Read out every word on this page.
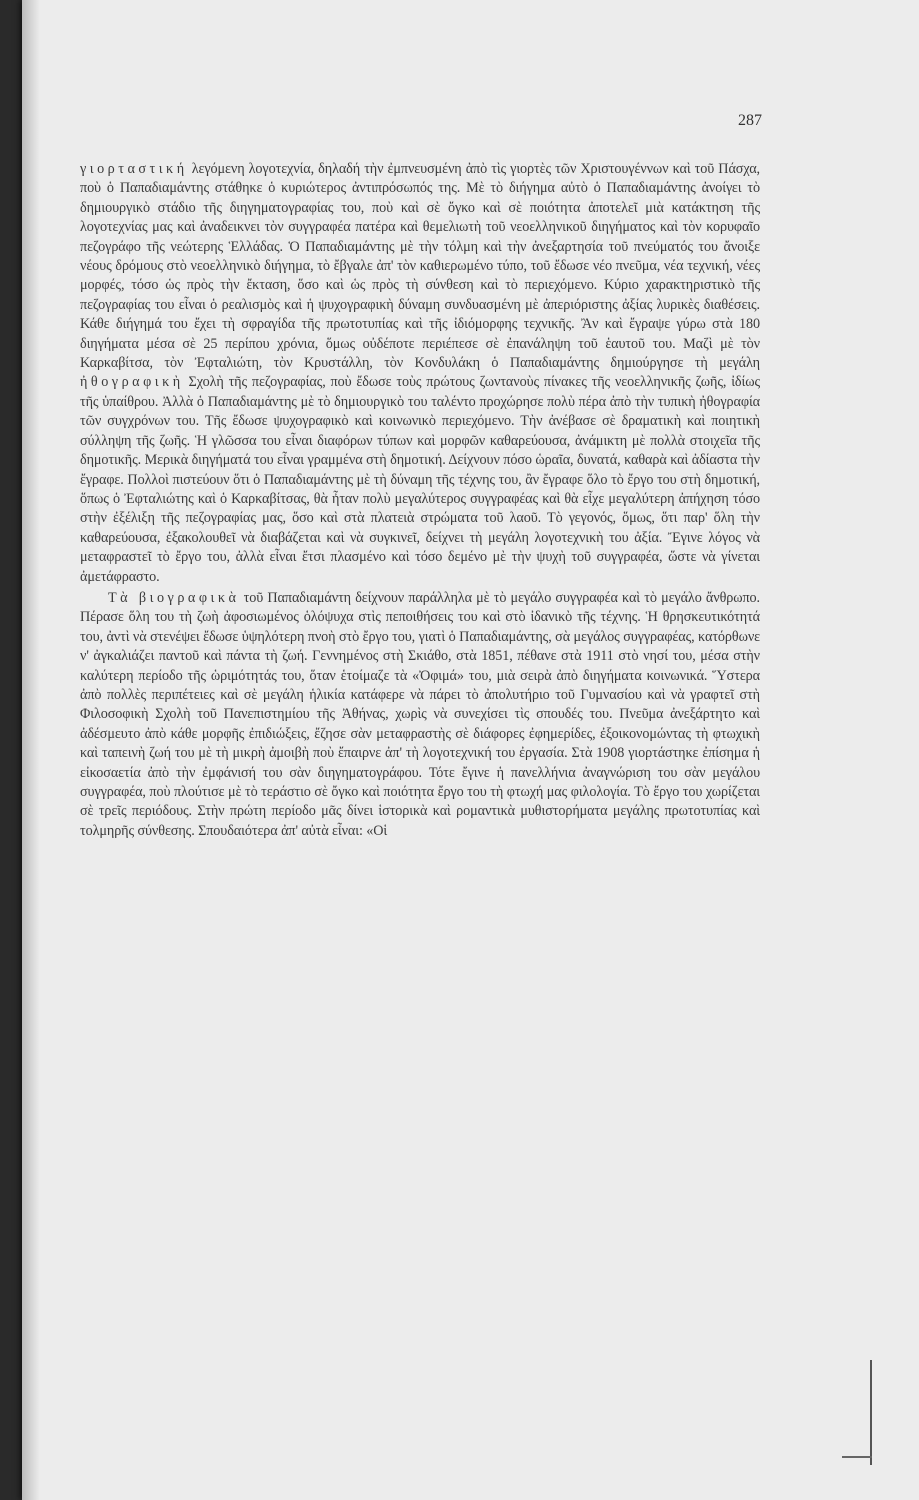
287

γιορταστική λεγόμενη λογοτεχνία, δηλαδή τὴν ἐμπνευσμένη ἀπὸ τὶς γιορτὲς τῶν Χριστουγέννων καὶ τοῦ Πάσχα, ποὺ ὁ Παπαδιαμάντης στάθηκε ὁ κυριώτερος ἀντιπρόσωπός της. Μὲ τὸ διήγημα αὐτὸ ὁ Παπαδιαμάντης ἀνοίγει τὸ δημιουργικὸ στάδιο τῆς διηγηματογραφίας του, ποὺ καὶ σὲ ὄγκο καὶ σὲ ποιότητα ἀποτελεῖ μιὰ κατάκτηση τῆς λογοτεχνίας μας καὶ ἀναδεικνει τὸν συγγραφέα πατέρα καὶ θεμελιωτὴ τοῦ νεοελληνικοῦ διηγήματος καὶ τὸν κορυφαῖο πεζογράφο τῆς νεώτερης Ἑλλάδας. Ὁ Παπαδιαμάντης μὲ τὴν τόλμη καὶ τὴν ἀνεξαρτησία τοῦ πνεύματός του ἄνοιξε νέους δρόμους στὸ νεοελληνικὸ διήγημα, τὸ ἔβγαλε ἀπ' τὸν καθιερωμένο τύπο, τοῦ ἔδωσε νέο πνεῦμα, νέα τεχνική, νέες μορφές, τόσο ὡς πρὸς τὴν ἔκταση, ὅσο καὶ ὡς πρὸς τὴ σύνθεση καὶ τὸ περιεχόμενο. Κύριο χαρακτηριστικὸ τῆς πεζογραφίας του εἶναι ὁ ρεαλισμὸς καὶ ἡ ψυχογραφικὴ δύναμη συνδυασμένη μὲ ἀπεριόριστης ἀξίας λυρικὲς διαθέσεις. Κάθε διήγημά του ἔχει τὴ σφραγίδα τῆς πρωτοτυπίας καὶ τῆς ἰδιόμορφης τεχνικῆς. Ἂν καὶ ἔγραψε γύρω στὰ 180 διηγήματα μέσα σὲ 25 περίπου χρόνια, ὅμως οὐδέποτε περιέπεσε σὲ ἐπανάληψη τοῦ ἑαυτοῦ του. Μαζὶ μὲ τὸν Καρκαβίτσα, τὸν Ἐφταλιώτη, τὸν Κρυστάλλη, τὸν Κονδυλάκη ὁ Παπαδιαμάντης δημιούργησε τὴ μεγάλη ἠθογραφικὴ Σχολὴ τῆς πεζογραφίας, ποὺ ἔδωσε τοὺς πρώτους ζωντανοὺς πίνακες τῆς νεοελληνικῆς ζωῆς, ἰδίως τῆς ὑπαίθρου. Ἀλλὰ ὁ Παπαδιαμάντης μὲ τὸ δημιουργικὸ του ταλέντο προχώρησε πολὺ πέρα ἀπὸ τὴν τυπικὴ ἠθογραφία τῶν συγχρόνων του. Τῆς ἔδωσε ψυχογραφικὸ καὶ κοινωνικὸ περιεχόμενο. Τὴν ἀνέβασε σὲ δραματικὴ καὶ ποιητικὴ σύλληψη τῆς ζωῆς. Ἡ γλῶσσα του εἶναι διαφόρων τύπων καὶ μορφῶν καθαρεύουσα, ἀνάμικτη μὲ πολλὰ στοιχεῖα τῆς δημοτικῆς. Μερικὰ διηγήματά του εἶναι γραμμένα στὴ δημοτική. Δείχνουν πόσο ὡραῖα, δυνατά, καθαρὰ καὶ ἀδίαστα τὴν ἔγραφε. Πολλοὶ πιστεύουν ὅτι ὁ Παπαδιαμάντης μὲ τὴ δύναμη τῆς τέχνης του, ἂν ἔγραφε ὅλο τὸ ἔργο του στὴ δημοτική, ὅπως ὁ Ἐφταλιώτης καὶ ὁ Καρκαβίτσας, θὰ ἦταν πολὺ μεγαλύτερος συγγραφέας καὶ θὰ εἶχε μεγαλύτερη ἀπήχηση τόσο στὴν ἐξέλιξη τῆς πεζογραφίας μας, ὅσο καὶ στὰ πλατειὰ στρώματα τοῦ λαοῦ. Τὸ γεγονός, ὅμως, ὅτι παρ' ὅλη τὴν καθαρεύουσα, ἐξακολουθεῖ νὰ διαβάζεται καὶ νὰ συγκινεῖ, δείχνει τὴ μεγάλη λογοτεχνικὴ του ἀξία. Ἔγινε λόγος νὰ μεταφραστεῖ τὸ ἔργο του, ἀλλὰ εἶναι ἔτσι πλασμένο καὶ τόσο δεμένο μὲ τὴν ψυχὴ τοῦ συγγραφέα, ὥστε νὰ γίνεται ἀμετάφραστο.

Τὰ βιογραφικὰ τοῦ Παπαδιαμάντη δείχνουν παράλληλα μὲ τὸ μεγάλο συγγραφέα καὶ τὸ μεγάλο ἄνθρωπο. Πέρασε ὅλη του τὴ ζωὴ ἀφοσιωμένος ὁλόψυχα στὶς πεποιθήσεις του καὶ στὸ ἰδανικὸ τῆς τέχνης. Ἡ θρησκευτικότητά του, ἀντὶ νὰ στενέψει ἔδωσε ὑψηλότερη πνοὴ στὸ ἔργο του, γιατὶ ὁ Παπαδιαμάντης, σὰ μεγάλος συγγραφέας, κατόρθωνε ν' ἀγκαλιάζει παντοῦ καὶ πάντα τὴ ζωή. Γεννημένος στὴ Σκιάθο, στὰ 1851, πέθανε στὰ 1911 στὸ νησί του, μέσα στὴν καλύτερη περίοδο τῆς ὡριμότητάς του, ὅταν ἑτοίμαζε τὰ «Ὀφιμά» του, μιὰ σειρὰ ἀπὸ διηγήματα κοινωνικά. Ὕστερα ἀπὸ πολλὲς περιπέτειες καὶ σὲ μεγάλη ἡλικία κατάφερε νὰ πάρει τὸ ἀπολυτήριο τοῦ Γυμνασίου καὶ νὰ γραφτεῖ στὴ Φιλοσοφικὴ Σχολὴ τοῦ Πανεπιστημίου τῆς Ἀθήνας, χωρὶς νὰ συνεχίσει τὶς σπουδές του. Πνεῦμα ἀνεξάρτητο καὶ ἀδέσμευτο ἀπὸ κάθε μορφῆς ἐπιδιώξεις, ἔζησε σὰν μεταφραστὴς σὲ διάφορες ἐφημερίδες, ἐξοικονομώντας τὴ φτωχικὴ καὶ ταπεινὴ ζωή του μὲ τὴ μικρὴ ἀμοιβὴ ποὺ ἔπαιρνε ἀπ' τὴ λογοτεχνική του ἐργασία. Στὰ 1908 γιορτάστηκε ἐπίσημα ἡ εἰκοσαετία ἀπὸ τὴν ἐμφάνισή του σὰν διηγηματογράφου. Τότε ἔγινε ἡ πανελλήνια ἀναγνώριση του σὰν μεγάλου συγγραφέα, ποὺ πλούτισε μὲ τὸ τεράστιο σὲ ὄγκο καὶ ποιότητα ἔργο του τὴ φτωχή μας φιλολογία. Τὸ ἔργο του χωρίζεται σὲ τρεῖς περιόδους. Στὴν πρώτη περίοδο μᾶς δίνει ἱστορικὰ καὶ ρομαντικὰ μυθιστορήματα μεγάλης πρωτοτυπίας καὶ τολμηρῆς σύνθεσης. Σπουδαιότερα ἀπ' αὐτὰ εἶναι: «Οἱ
